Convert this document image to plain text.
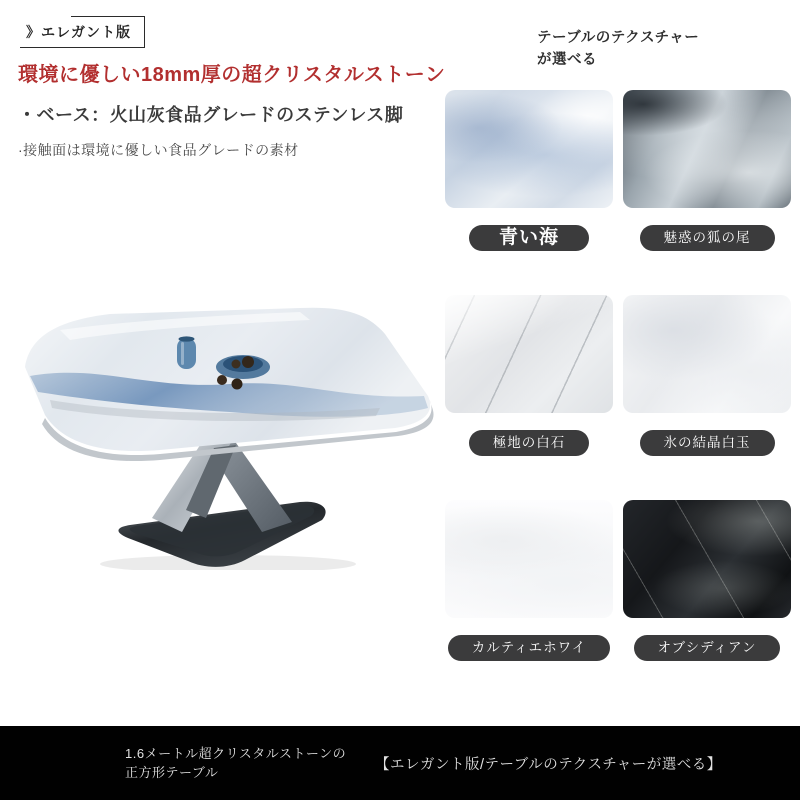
》エレガント版
環境に優しい18mm厚の超クリスタルストーン
・ベース：火山灰食品グレードのステンレス脚
·接触面は環境に優しい食品グレードの素材
テーブルのテクスチャー
が選べる
青い海	魅惑の狐の尾
極地の白石	氷の結晶白玉
カルティエホワイ	オブシディアン
1.6メートル超クリスタルストーンの
正方形テーブル	【エレガント版/テーブルのテクスチャーが選べる】
